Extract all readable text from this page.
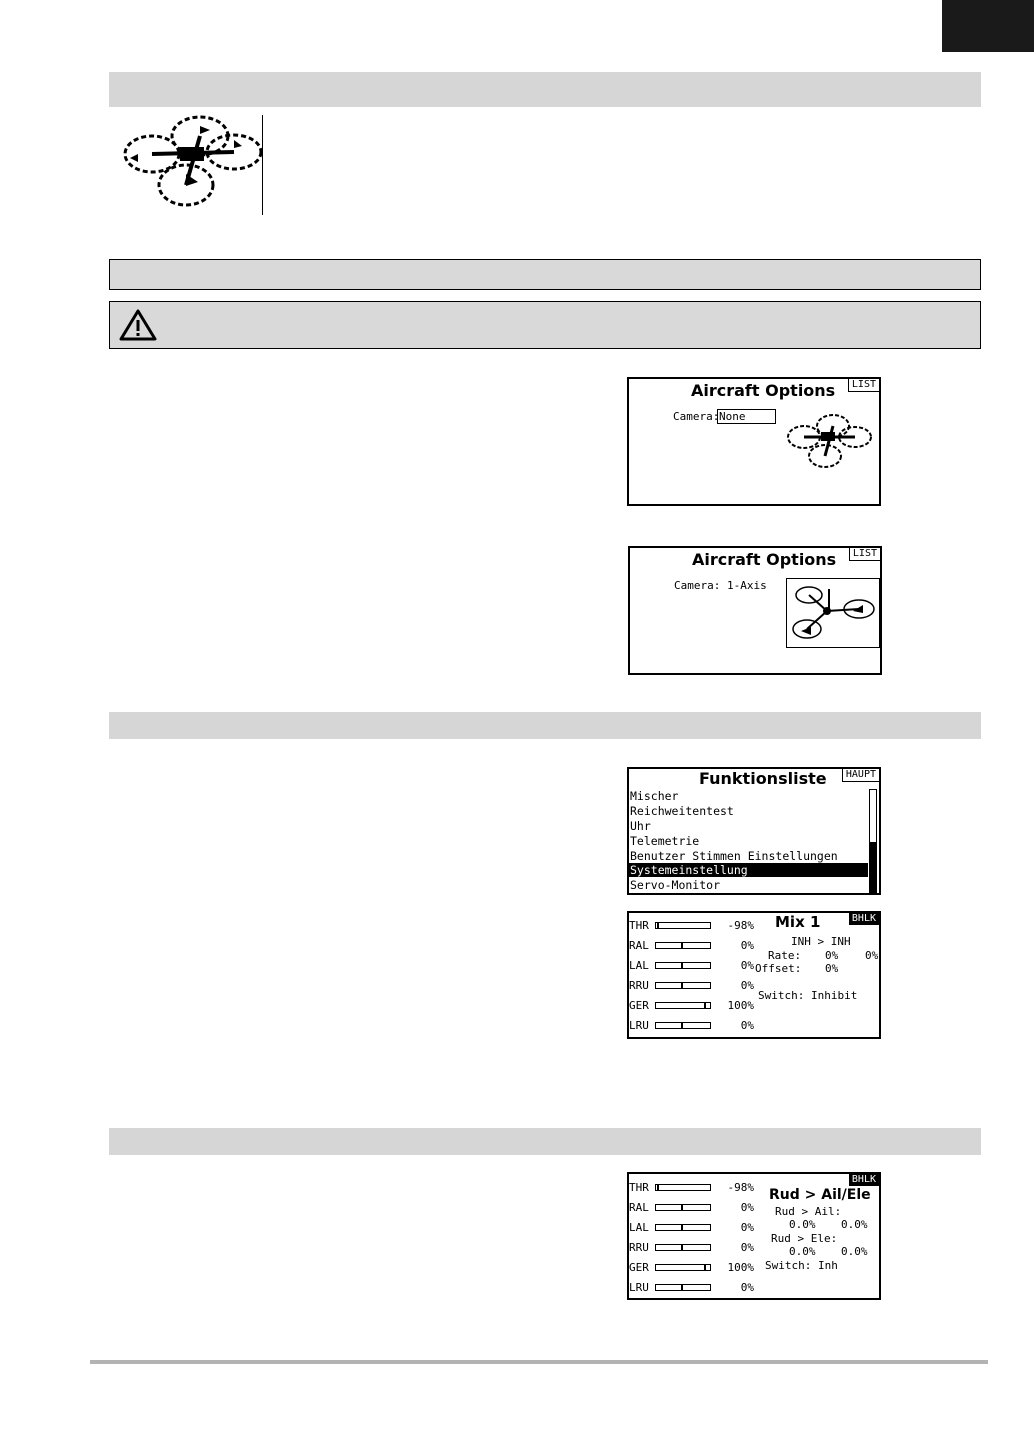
Aircraft Options	LIST
Camera: None
Aircraft Options	LIST
Camera: 1-Axis
Funktionsliste	HAUPT
Mischer
Reichweitentest
Uhr
Telemetrie
Benutzer Stimmen Einstellungen
Systemeinstellung
Servo-Monitor
BHLK
THR	-98%
RAL	0%
LAL	0%
RRU	0%
GER	100%
LRU	0%
Mix 1
INH > INH
Rate: 0% 0%
Offset: 0%
Switch: Inhibit
BHLK
THR	-98%
RAL	0%
LAL	0%
RRU	0%
GER	100%
LRU	0%
Rud > Ail/Ele
Rud > Ail:
0.0% 0.0%
Rud > Ele:
0.0% 0.0%
Switch: Inh
